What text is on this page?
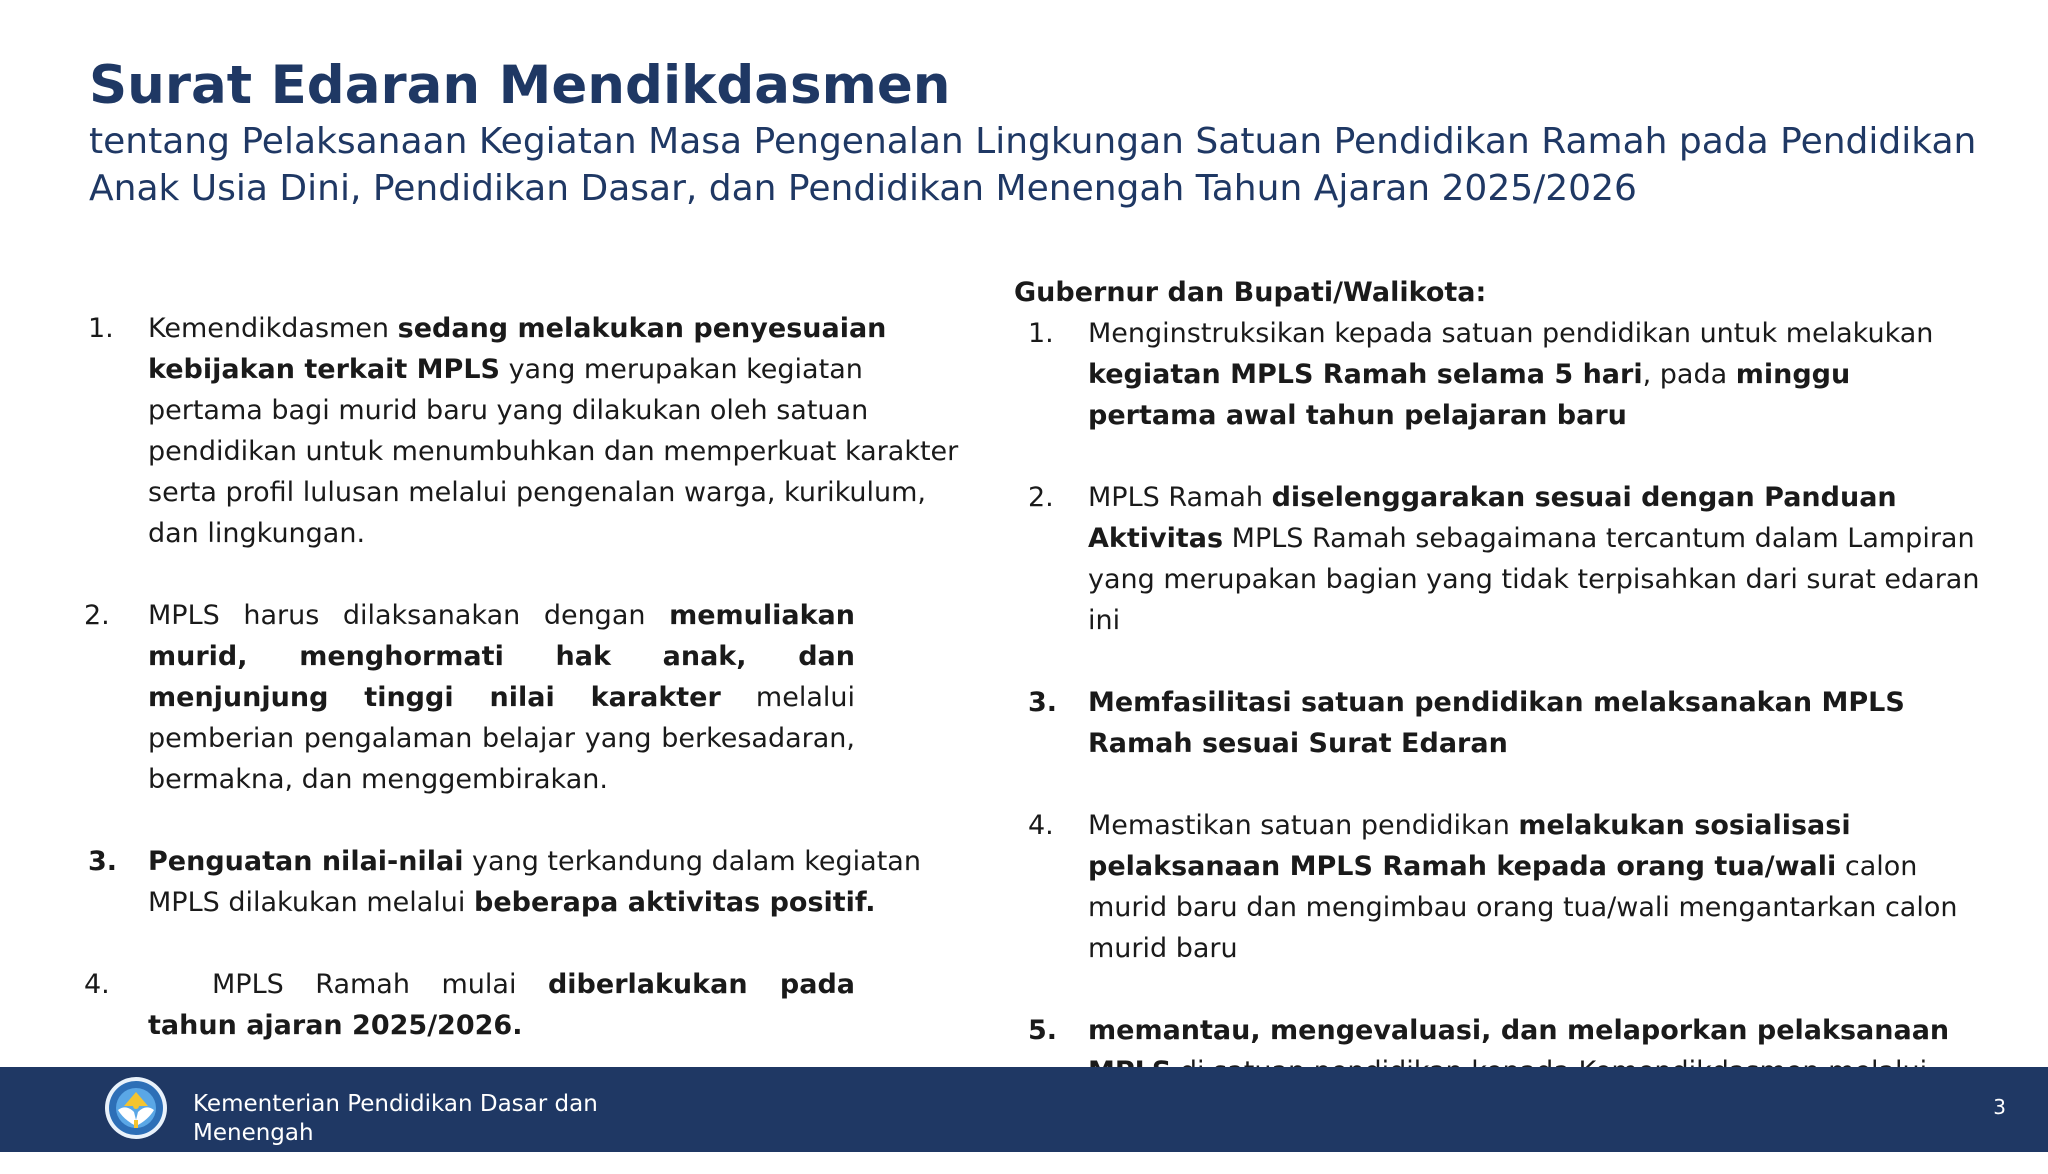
Surat Edaran Mendikdasmen
tentang Pelaksanaan Kegiatan Masa Pengenalan Lingkungan Satuan Pendidikan Ramah pada Pendidikan Anak Usia Dini, Pendidikan Dasar, dan Pendidikan Menengah Tahun Ajaran 2025/2026
1. Kemendikdasmen sedang melakukan penyesuaian kebijakan terkait MPLS yang merupakan kegiatan pertama bagi murid baru yang dilakukan oleh satuan pendidikan untuk menumbuhkan dan memperkuat karakter serta profil lulusan melalui pengenalan warga, kurikulum, dan lingkungan.
2. MPLS harus dilaksanakan dengan memuliakan murid, menghormati hak anak, dan menjunjung tinggi nilai karakter melalui pemberian pengalaman belajar yang berkesadaran, bermakna, dan menggembirakan.
3. Penguatan nilai-nilai yang terkandung dalam kegiatan MPLS dilakukan melalui beberapa aktivitas positif.
4.	MPLS Ramah mulai diberlakukan pada tahun ajaran 2025/2026.
Gubernur dan Bupati/Walikota:
1. Menginstruksikan kepada satuan pendidikan untuk melakukan kegiatan MPLS Ramah selama 5 hari, pada minggu pertama awal tahun pelajaran baru
2. MPLS Ramah diselenggarakan sesuai dengan Panduan Aktivitas MPLS Ramah sebagaimana tercantum dalam Lampiran yang merupakan bagian yang tidak terpisahkan dari surat edaran ini
3. Memfasilitasi satuan pendidikan melaksanakan MPLS Ramah sesuai Surat Edaran
4. Memastikan satuan pendidikan melakukan sosialisasi pelaksanaan MPLS Ramah kepada orang tua/wali calon murid baru dan mengimbau orang tua/wali mengantarkan calon murid baru
5. memantau, mengevaluasi, dan melaporkan pelaksanaan
Kementerian Pendidikan Dasar dan Menengah
3
